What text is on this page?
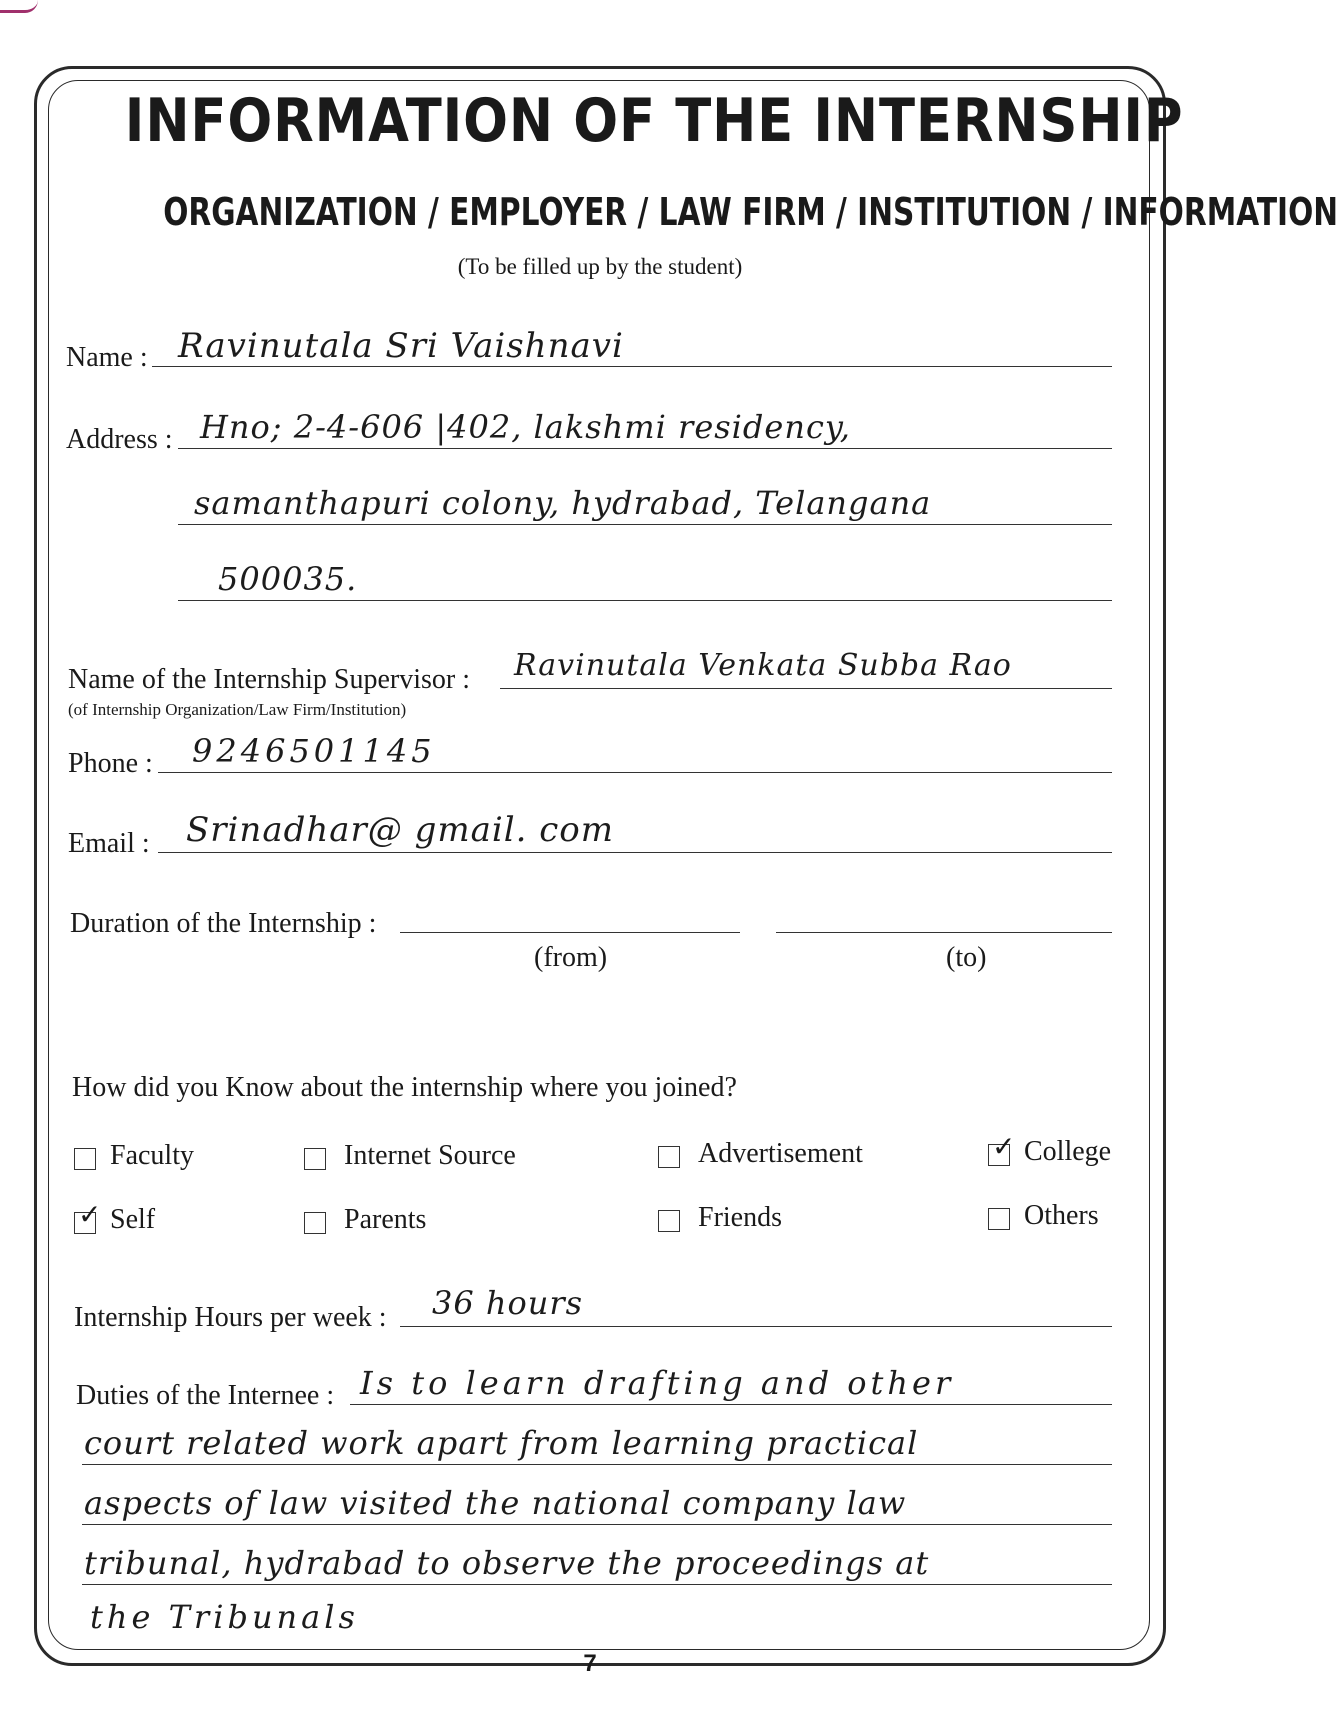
INFORMATION OF THE INTERNSHIP
ORGANIZATION / EMPLOYER / LAW FIRM / INSTITUTION / INFORMATION
(To be filled up by the student)
Name : Ravinutala Sri Vaishnavi
Address : Hno; 2-4-606 |402, lakshmi residency,
samanthapuri colony, hydrabad, Telangana
500035.
Name of the Internship Supervisor :
(of Internship Organization/Law Firm/Institution)
Ravinutala Venkata Subba Rao
Phone : 9246501145
Email : Srinadhar@ gmail. com
Duration of the Internship :
(from)	(to)
How did you Know about the internship where you joined?
Faculty	Internet Source	Advertisement	✓ College
✓ Self	Parents	Friends	Others
Internship Hours per week : 36 hours
Duties of the Internee : Is to learn drafting and other
court related work apart from learning practical
aspects of law visited the national company law
tribunal, hydrabad to observe the proceedings at
the Tribunals
7
